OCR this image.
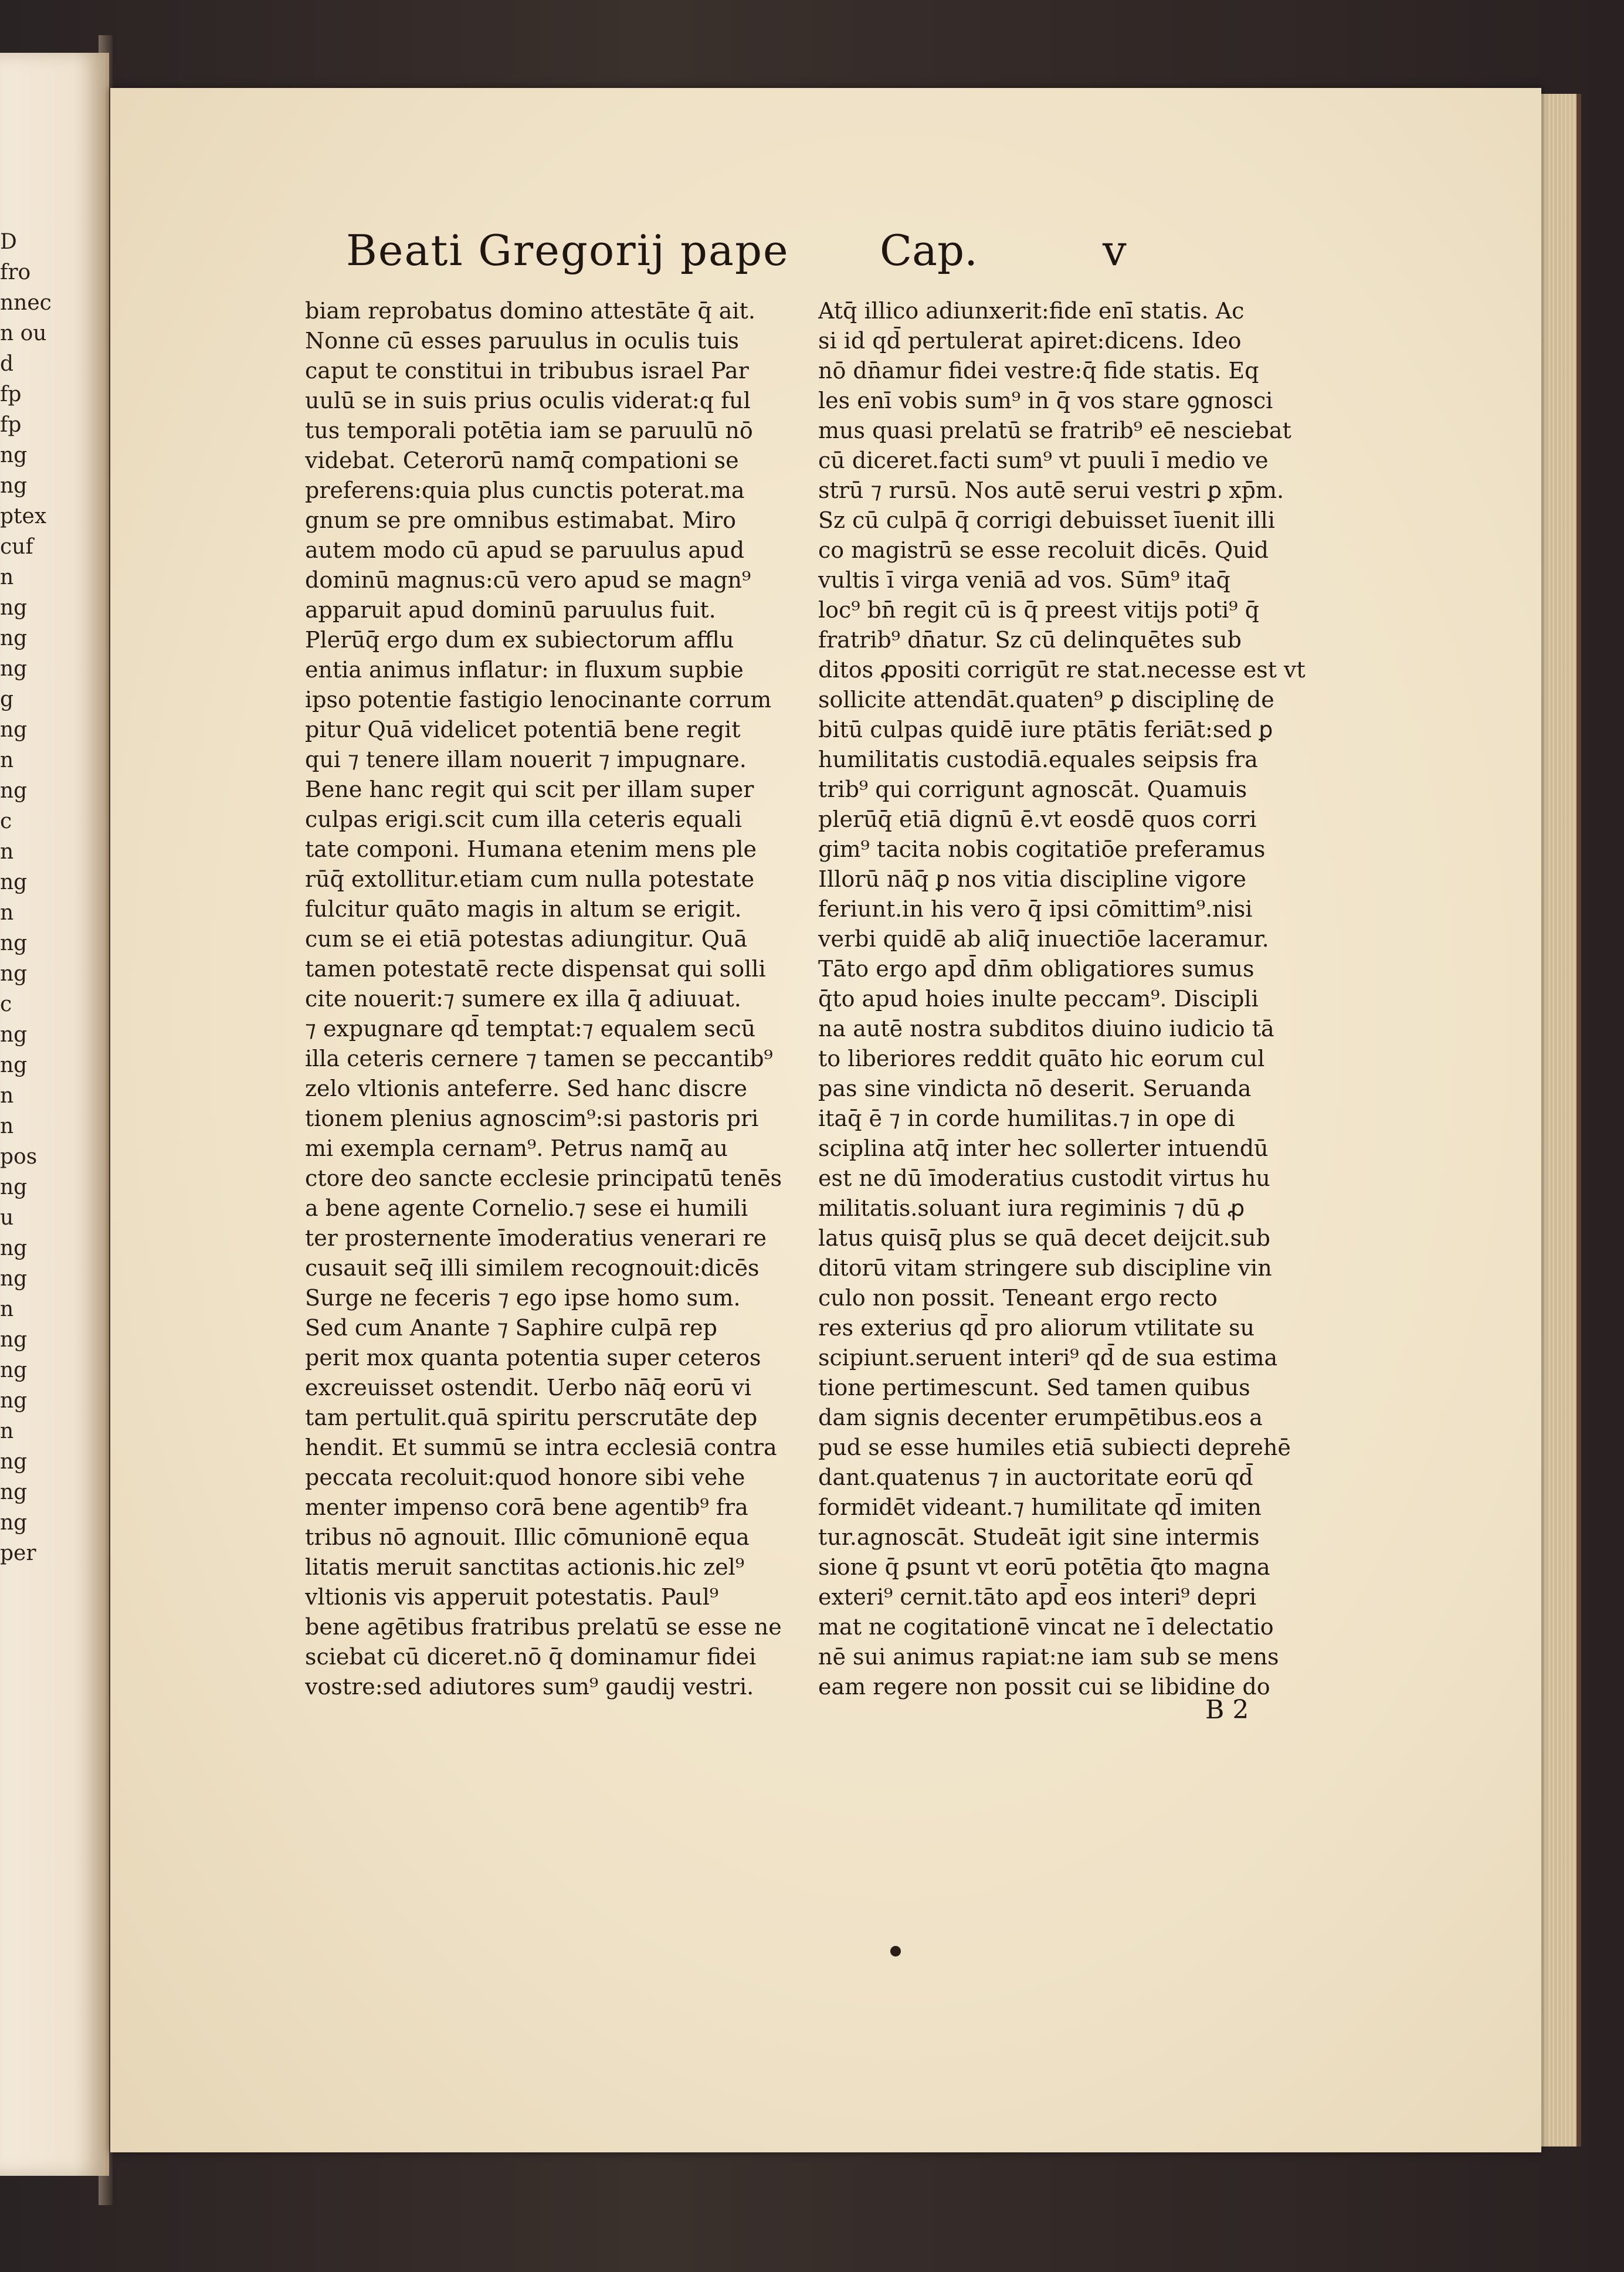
D
fro
nnec
n ou
d
fp
fp
ng
ng
ptex
cuf
n
ng
ng
ng
g
ng
n
ng
c
n
ng
n
ng
ng
c
ng
ng
n
n
pos
ng
u
ng
ng
n
ng
ng
ng
n
ng
ng
ng
per
Beati Gregorij pape Cap.	v
biam reprobatus domino attestāte q̄ ait.
Nonne cū esses paruulus in oculis tuis
caput te constitui in tribubus israel Par
uulū se in suis prius oculis viderat:q ful
tus temporali potētia iam se paruulū nō
videbat. Ceterorū namq̄ compationi se
preferens:quia plus cunctis poterat.ma
gnum se pre omnibus estimabat. Miro
autem modo cū apud se paruulus apud
dominū magnus:cū vero apud se magn⁹
apparuit apud dominū paruulus fuit.
Plerūq̄ ergo dum ex subiectorum afflu
entia animus inflatur: in fluxum supbie
ipso potentie fastigio lenocinante corrum
pitur Quā videlicet potentiā bene regit
qui ⁊ tenere illam nouerit ⁊ impugnare.
Bene hanc regit qui scit per illam super
culpas erigi.scit cum illa ceteris equali
tate componi. Humana etenim mens ple
rūq̄ extollitur.etiam cum nulla potestate
fulcitur quāto magis in altum se erigit.
cum se ei etiā potestas adiungitur. Quā
tamen potestatē recte dispensat qui solli
cite nouerit:⁊ sumere ex illa q̄ adiuuat.
⁊ expugnare qd̄ temptat:⁊ equalem secū
illa ceteris cernere ⁊ tamen se peccantib⁹
zelo vltionis anteferre. Sed hanc discre
tionem plenius agnoscim⁹:si pastoris pri
mi exempla cernam⁹. Petrus namq̄ au
ctore deo sancte ecclesie principatū tenēs
a bene agente Cornelio.⁊ sese ei humili
ter prosternente īmoderatius venerari re
cusauit seq̄ illi similem recognouit:dicēs
Surge ne feceris ⁊ ego ipse homo sum.
Sed cum Anante ⁊ Saphire culpā rep
perit mox quanta potentia super ceteros
excreuisset ostendit. Uerbo nāq̄ eorū vi
tam pertulit.quā spiritu perscrutāte dep
hendit. Et summū se intra ecclesiā contra
peccata recoluit:quod honore sibi vehe
menter impenso corā bene agentib⁹ fra
tribus nō agnouit. Illic cōmunionē equa
litatis meruit sanctitas actionis.hic zel⁹
vltionis vis apperuit potestatis. Paul⁹
bene agētibus fratribus prelatū se esse ne
sciebat cū diceret.nō q̄ dominamur fidei
vostre:sed adiutores sum⁹ gaudij vestri.
Atq̄ illico adiunxerit:fide enī statis. Ac
si id qd̄ pertulerat apiret:dicens. Ideo
nō dn̄amur fidei vestre:q̄ fide statis. Eq
les enī vobis sum⁹ in q̄ vos stare ꝯgnosci
mus quasi prelatū se fratrib⁹ eē nesciebat
cū diceret.facti sum⁹ vt puuli ī medio ve
strū ⁊ rursū. Nos autē serui vestri ꝑ xp̄m.
Sz cū culpā q̄ corrigi debuisset īuenit illi
co magistrū se esse recoluit dicēs. Quid
vultis ī virga veniā ad vos. Sūm⁹ itaq̄
loc⁹ bn̄ regit cū is q̄ preest vitijs poti⁹ q̄
fratrib⁹ dn̄atur. Sz cū delinquētes sub
ditos ꝓpositi corrigūt re stat.necesse est vt
sollicite attendāt.quaten⁹ ꝑ disciplinę de
bitū culpas quidē iure ptātis feriāt:sed ꝑ
humilitatis custodiā.equales seipsis fra
trib⁹ qui corrigunt agnoscāt. Quamuis
plerūq̄ etiā dignū ē.vt eosdē quos corri
gim⁹ tacita nobis cogitatiōe preferamus
Illorū nāq̄ ꝑ nos vitia discipline vigore
feriunt.in his vero q̄ ipsi cōmittim⁹.nisi
verbi quidē ab aliq̄ inuectiōe laceramur.
Tāto ergo apd̄ dn̄m obligatiores sumus
q̄to apud hoies inulte peccam⁹. Discipli
na autē nostra subditos diuino iudicio tā
to liberiores reddit quāto hic eorum cul
pas sine vindicta nō deserit. Seruanda
itaq̄ ē ⁊ in corde humilitas.⁊ in ope di
sciplina atq̄ inter hec sollerter intuendū
est ne dū īmoderatius custodit virtus hu
militatis.soluant iura regiminis ⁊ dū ꝓ
latus quisq̄ plus se quā decet deijcit.sub
ditorū vitam stringere sub discipline vin
culo non possit. Teneant ergo recto
res exterius qd̄ pro aliorum vtilitate su
scipiunt.seruent interi⁹ qd̄ de sua estima
tione pertimescunt. Sed tamen quibus
dam signis decenter erumpētibus.eos a
pud se esse humiles etiā subiecti deprehē
dant.quatenus ⁊ in auctoritate eorū qd̄
formidēt videant.⁊ humilitate qd̄ imiten
tur.agnoscāt. Studeāt igit sine intermis
sione q̄ ꝑsunt vt eorū potētia q̄to magna
exteri⁹ cernit.tāto apd̄ eos interi⁹ depri
mat ne cogitationē vincat ne ī delectatio
nē sui animus rapiat:ne iam sub se mens
eam regere non possit cui se libidine do
B 2
